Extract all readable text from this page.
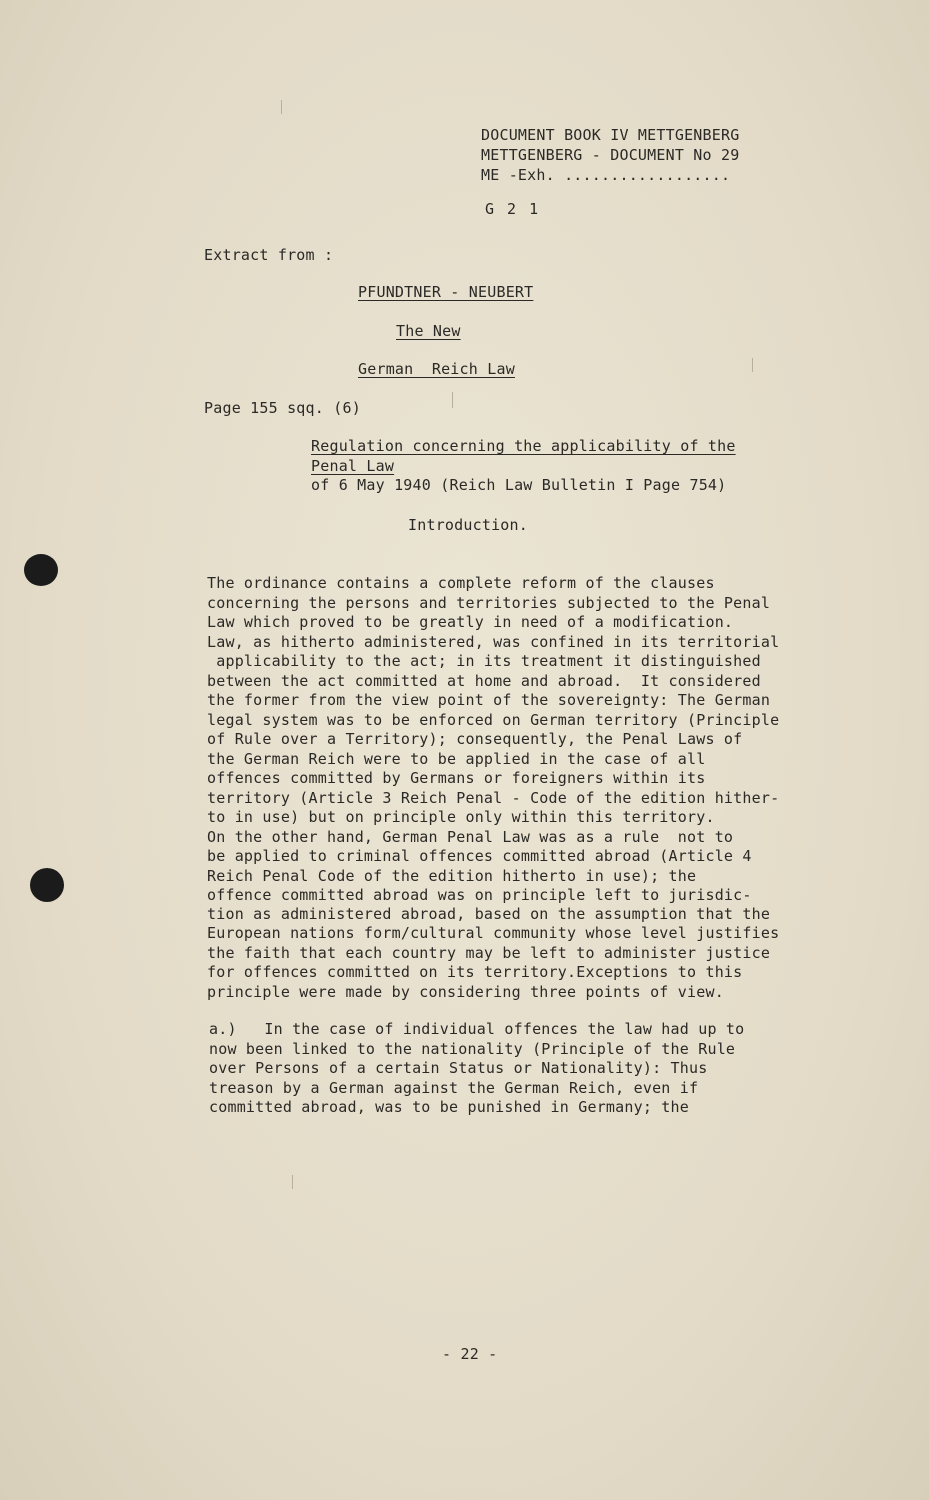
DOCUMENT BOOK IV METTGENBERG
METTGENBERG - DOCUMENT No 29
ME -Exh. ..................
G 2 1
Extract from :
PFUNDTNER - NEUBERT
The New
German  Reich Law
Page 155 sqq. (6)
Regulation concerning the applicability of the
Penal Law
of 6 May 1940 (Reich Law Bulletin I Page 754)
Introduction.
The ordinance contains a complete reform of the clauses
concerning the persons and territories subjected to the Penal
Law which proved to be greatly in need of a modification.
Law, as hitherto administered, was confined in its territorial
applicability to the act; in its treatment it distinguished
between the act committed at home and abroad.  It considered
the former from the view point of the sovereignty: The German
legal system was to be enforced on German territory (Principle
of Rule over a Territory); consequently, the Penal Laws of
the German Reich were to be applied in the case of all
offences committed by Germans or foreigners within its
territory (Article 3 Reich Penal - Code of the edition hither-
to in use) but on principle only within this territory.
On the other hand, German Penal Law was as a rule  not to
be applied to criminal offences committed abroad (Article 4
Reich Penal Code of the edition hitherto in use); the
offence committed abroad was on principle left to jurisdic-
tion as administered abroad, based on the assumption that the
European nations form/cultural community whose level justifies
the faith that each country may be left to administer justice
for offences committed on its territory.Exceptions to this
principle were made by considering three points of view.
a.)   In the case of individual offences the law had up to
now been linked to the nationality (Principle of the Rule
over Persons of a certain Status or Nationality): Thus
treason by a German against the German Reich, even if
committed abroad, was to be punished in Germany; the
- 22 -
